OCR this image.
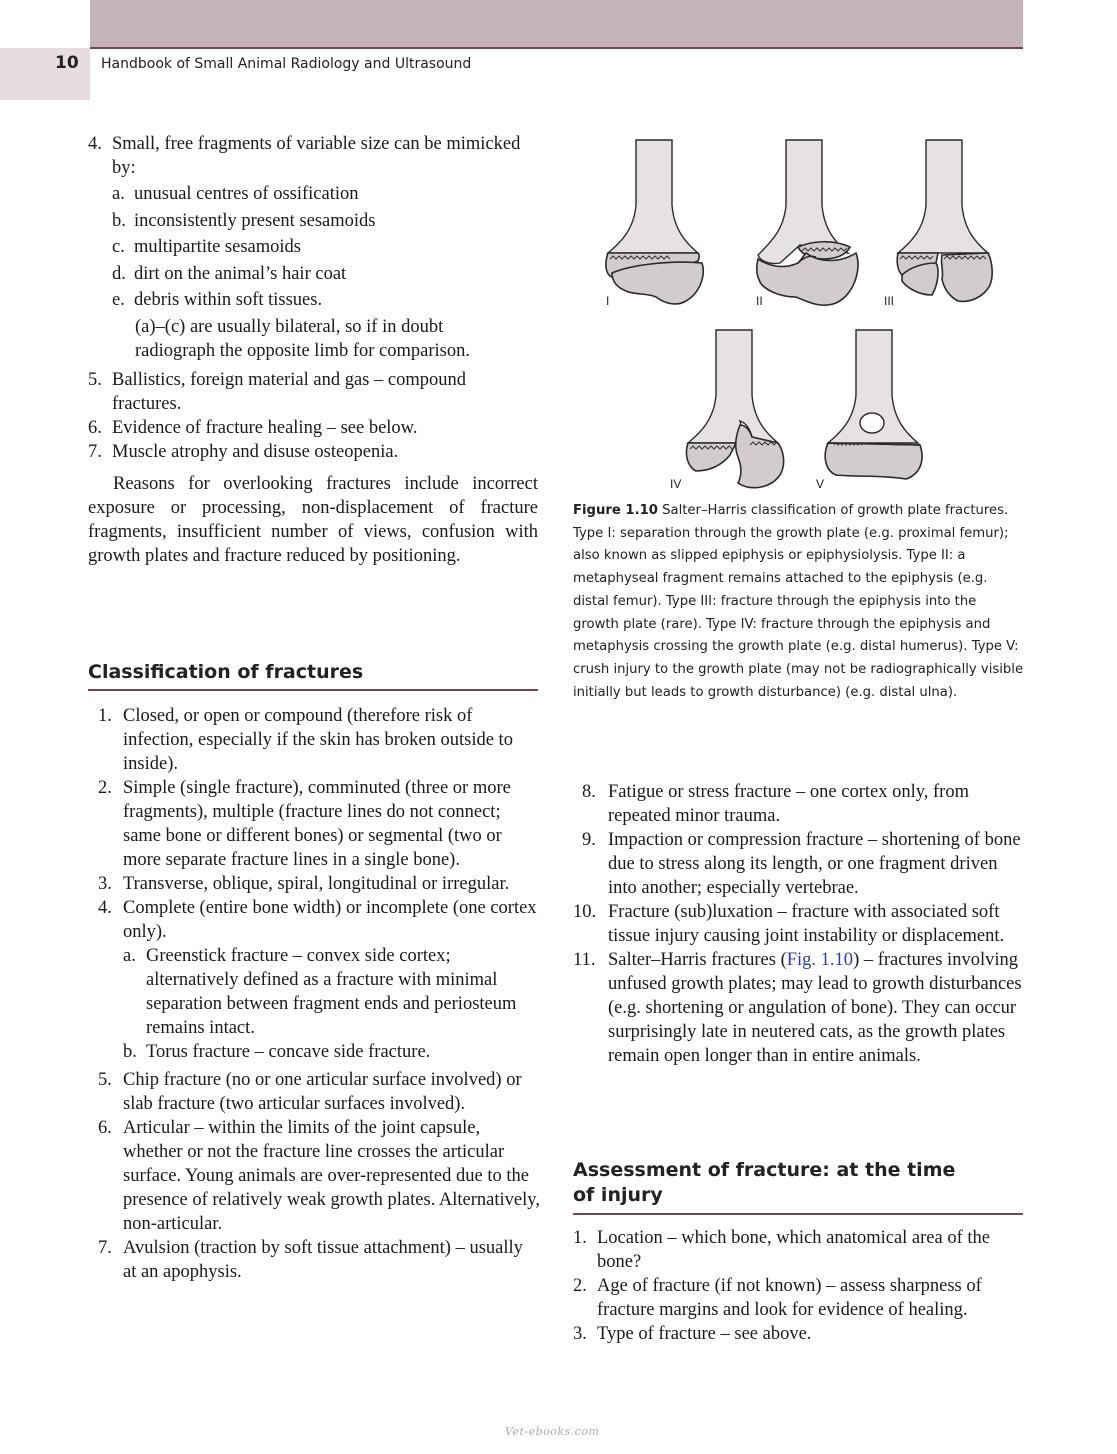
10 Handbook of Small Animal Radiology and Ultrasound
4. Small, free fragments of variable size can be mimicked by:
a. unusual centres of ossification
b. inconsistently present sesamoids
c. multipartite sesamoids
d. dirt on the animal’s hair coat
e. debris within soft tissues.

(a)–(c) are usually bilateral, so if in doubt radiograph the opposite limb for comparison.

5. Ballistics, foreign material and gas – compound fractures.
6. Evidence of fracture healing – see below.
7. Muscle atrophy and disuse osteopenia.

Reasons for overlooking fractures include incorrect exposure or processing, non-displacement of fracture fragments, insufficient number of views, confusion with growth plates and fracture reduced by positioning.

Classification of fractures

1. Closed, or open or compound (therefore risk of infection, especially if the skin has broken outside to inside).
2. Simple (single fracture), comminuted (three or more fragments), multiple (fracture lines do not connect; same bone or different bones) or segmental (two or more separate fracture lines in a single bone).
3. Transverse, oblique, spiral, longitudinal or irregular.
4. Complete (entire bone width) or incomplete (one cortex only).
a. Greenstick fracture – convex side cortex; alternatively defined as a fracture with minimal separation between fragment ends and periosteum remains intact.
b. Torus fracture – concave side fracture.
5. Chip fracture (no or one articular surface involved) or slab fracture (two articular surfaces involved).
6. Articular – within the limits of the joint capsule, whether or not the fracture line crosses the articular surface. Young animals are over-represented due to the presence of relatively weak growth plates. Alternatively, non-articular.
7. Avulsion (traction by soft tissue attachment) – usually at an apophysis.
I	II	III
IV	V
Figure 1.10 Salter–Harris classification of growth plate fractures. Type I: separation through the growth plate (e.g. proximal femur); also known as slipped epiphysis or epiphysiolysis. Type II: a metaphyseal fragment remains attached to the epiphysis (e.g. distal femur). Type III: fracture through the epiphysis into the growth plate (rare). Type IV: fracture through the epiphysis and metaphysis crossing the growth plate (e.g. distal humerus). Type V: crush injury to the growth plate (may not be radiographically visible initially but leads to growth disturbance) (e.g. distal ulna).
8. Fatigue or stress fracture – one cortex only, from repeated minor trauma.
9. Impaction or compression fracture – shortening of bone due to stress along its length, or one fragment driven into another; especially vertebrae.
10. Fracture (sub)luxation – fracture with associated soft tissue injury causing joint instability or displacement.
11. Salter–Harris fractures (Fig. 1.10) – fractures involving unfused growth plates; may lead to growth disturbances (e.g. shortening or angulation of bone). They can occur surprisingly late in neutered cats, as the growth plates remain open longer than in entire animals.

Assessment of fracture: at the time
of injury

1. Location – which bone, which anatomical area of the bone?
2. Age of fracture (if not known) – assess sharpness of fracture margins and look for evidence of healing.
3. Type of fracture – see above.
Vet-ebooks.com
